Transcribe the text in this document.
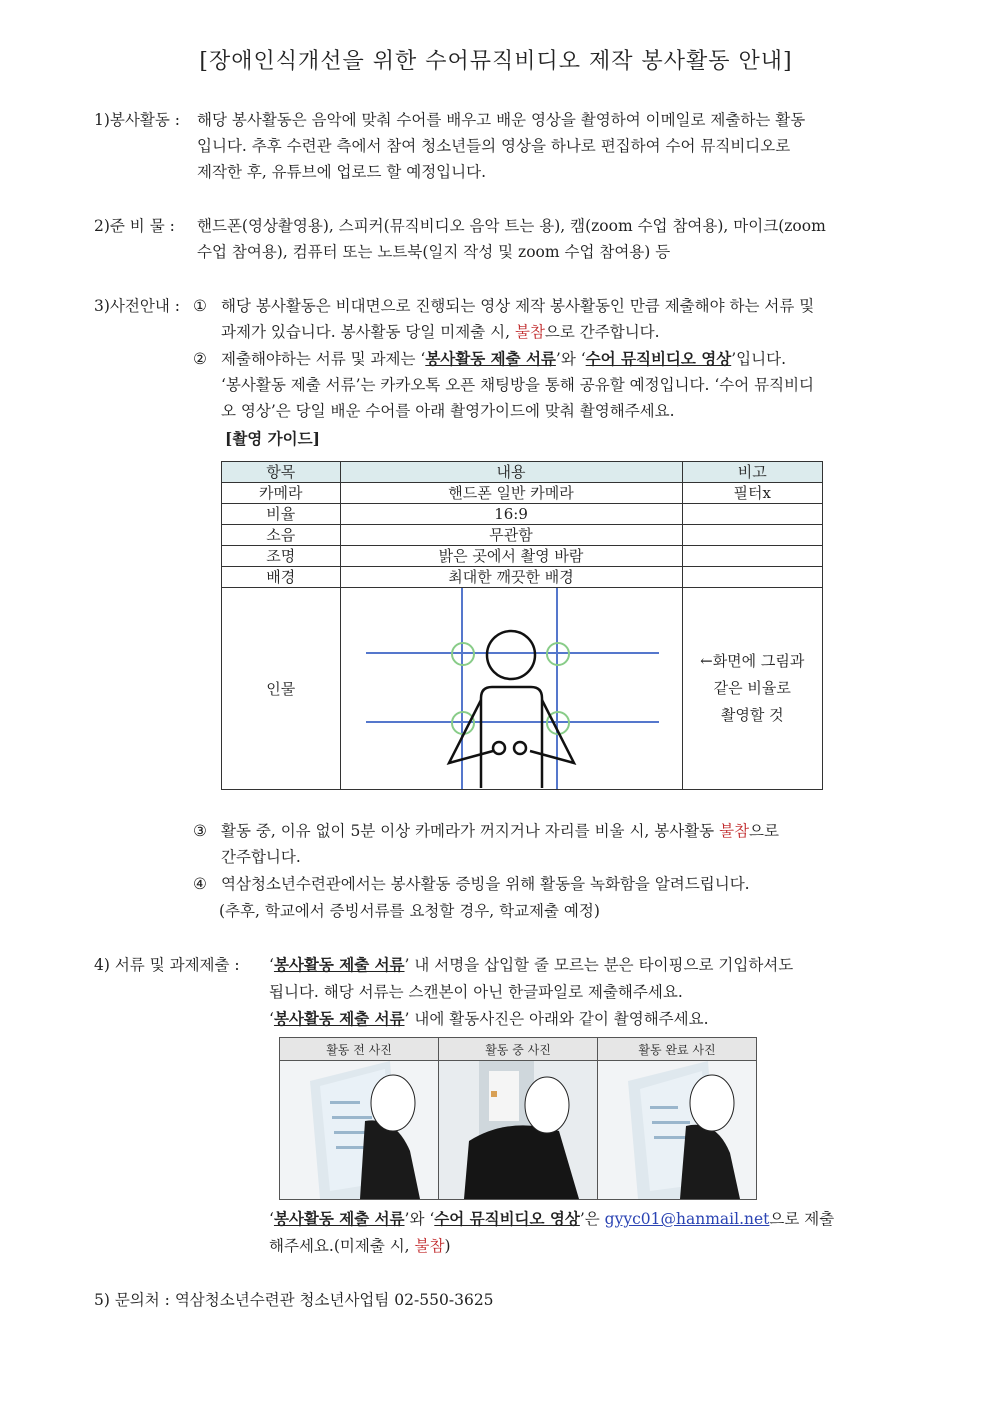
[장애인식개선을 위한 수어뮤직비디오 제작 봉사활동 안내]
1)봉사활동 : 해당 봉사활동은 음악에 맞춰 수어를 배우고 배운 영상을 촬영하여 이메일로 제출하는 활동
입니다. 추후 수련관 측에서 참여 청소년들의 영상을 하나로 편집하여 수어 뮤직비디오로
제작한 후, 유튜브에 업로드 할 예정입니다.
2)준 비 물 : 핸드폰(영상촬영용), 스피커(뮤직비디오 음악 트는 용), 캠(zoom 수업 참여용), 마이크(zoom
수업 참여용), 컴퓨터 또는 노트북(일지 작성 및 zoom 수업 참여용) 등
3)사전안내 : ① 해당 봉사활동은 비대면으로 진행되는 영상 제작 봉사활동인 만큼 제출해야 하는 서류 및
과제가 있습니다. 봉사활동 당일 미제출 시, 불참으로 간주합니다.
② 제출해야하는 서류 및 과제는 ‘봉사활동 제출 서류’와 ‘수어 뮤직비디오 영상’입니다.
‘봉사활동 제출 서류’는 카카오톡 오픈 채팅방을 통해 공유할 예정입니다. ‘수어 뮤직비디
오 영상’은 당일 배운 수어를 아래 촬영가이드에 맞춰 촬영해주세요.
[촬영 가이드]
항목	내용	비고
카메라	핸드폰 일반 카메라	필터x
비율	16:9	
소음	무관함	
조명	밝은 곳에서 촬영 바람	
배경	최대한 깨끗한 배경	
인물		←화면에 그림과
같은 비율로
촬영할 것
③ 활동 중, 이유 없이 5분 이상 카메라가 꺼지거나 자리를 비울 시, 봉사활동 불참으로
간주합니다.
④ 역삼청소년수련관에서는 봉사활동 증빙을 위해 활동을 녹화함을 알려드립니다.
(추후, 학교에서 증빙서류를 요청할 경우, 학교제출 예정)
4) 서류 및 과제제출 : ‘봉사활동 제출 서류’ 내 서명을 삽입할 줄 모르는 분은 타이핑으로 기입하셔도
됩니다. 해당 서류는 스캔본이 아닌 한글파일로 제출해주세요.
‘봉사활동 제출 서류’ 내에 활동사진은 아래와 같이 촬영해주세요.
활동 전 사진	활동 중 사진	활동 완료 사진

‘봉사활동 제출 서류’와 ‘수어 뮤직비디오 영상’은 gyyc01@hanmail.net으로 제출
해주세요.(미제출 시, 불참)
5) 문의처 : 역삼청소년수련관 청소년사업팀 02-550-3625
